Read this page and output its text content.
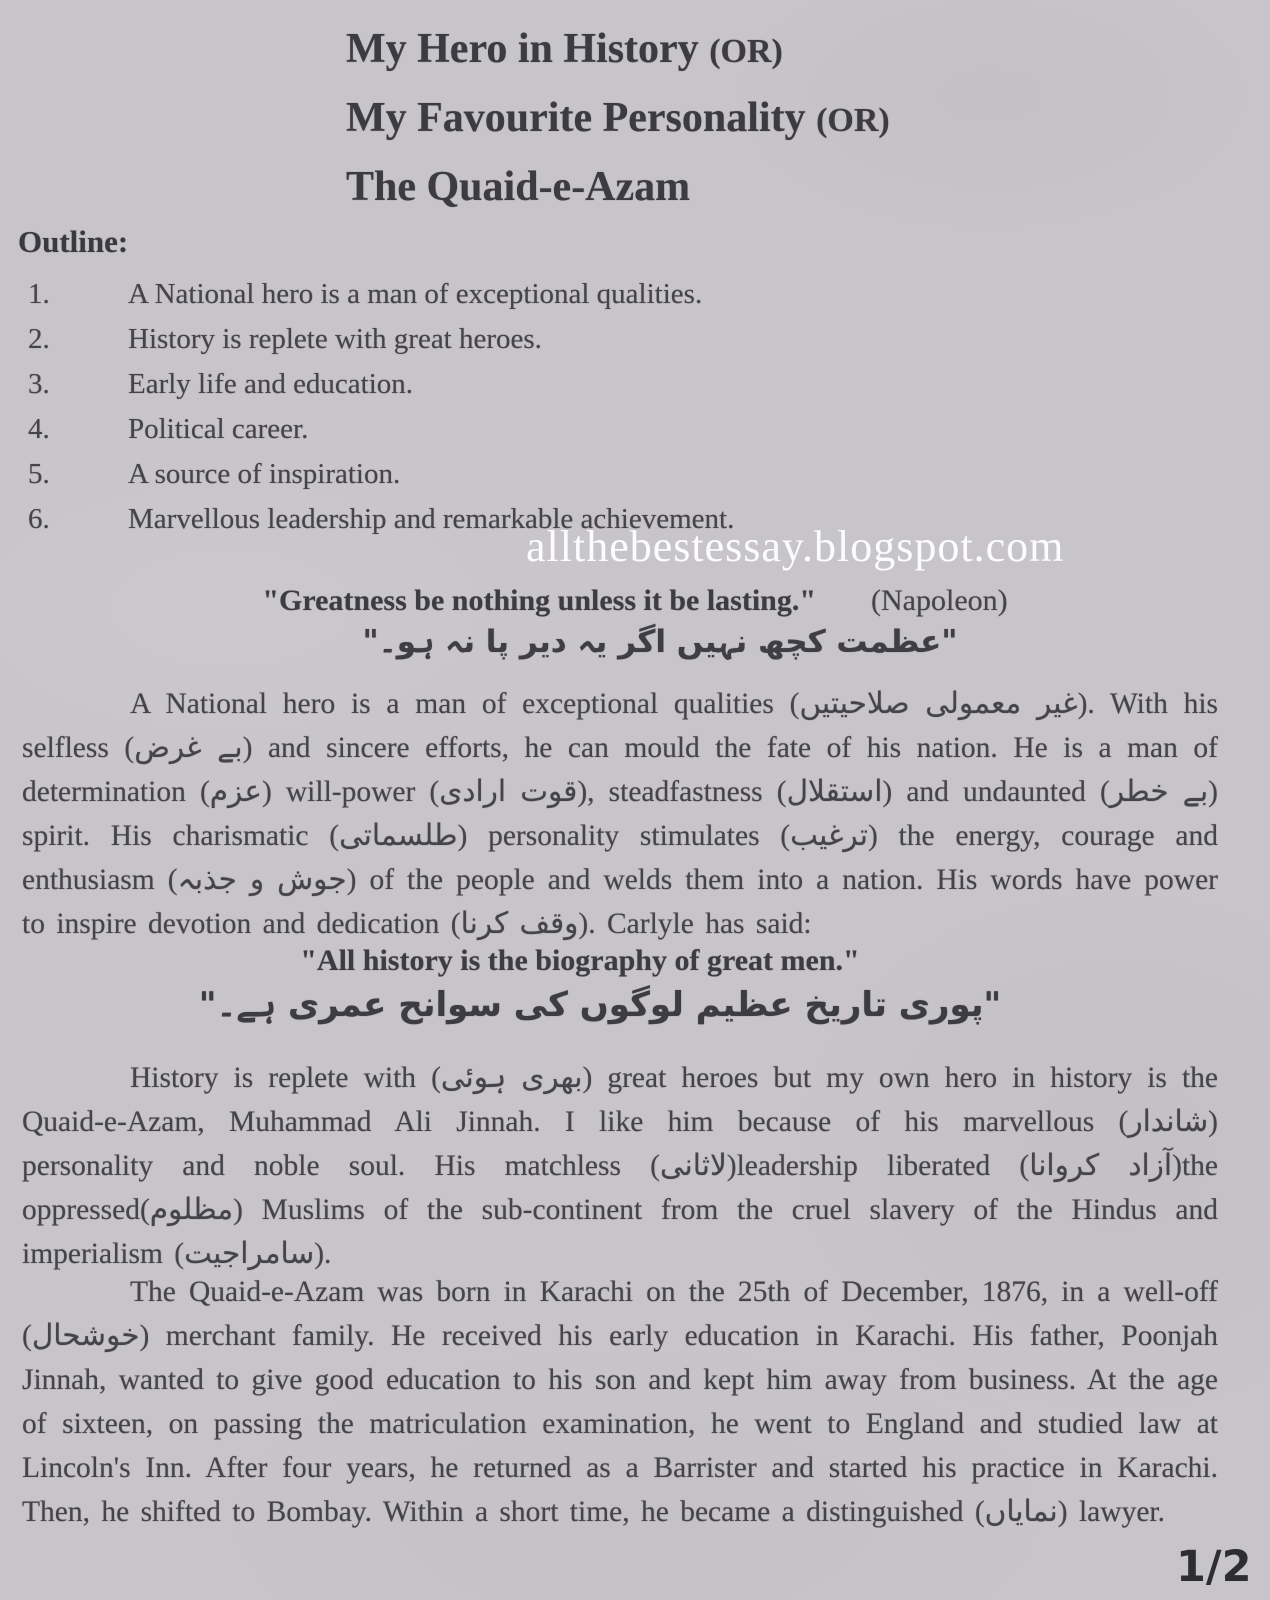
My Hero in History (OR)
My Favourite Personality (OR)
The Quaid-e-Azam
Outline:
1.	A National hero is a man of exceptional qualities.
2.	History is replete with great heroes.
3.	Early life and education.
4.	Political career.
5.	A source of inspiration.
6.	Marvellous leadership and remarkable achievement.
allthebestessay.blogspot.com
"Greatness be nothing unless it be lasting." (Napoleon)
"عظمت کچھ نہیں اگر یہ دیر پا نہ ہو۔"
A National hero is a man of exceptional qualities (غیر معمولی صلاحیتیں). With his selfless (بے غرض) and sincere efforts, he can mould the fate of his nation. He is a man of determination (عزم) will-power (قوت ارادی), steadfastness (استقلال) and undaunted (بے خطر) spirit. His charismatic (طلسماتی) personality stimulates (ترغیب) the energy, courage and enthusiasm (جوش و جذبہ) of the people and welds them into a nation. His words have power to inspire devotion and dedication (وقف کرنا). Carlyle has said:
"All history is the biography of great men."
"پوری تاریخ عظیم لوگوں کی سوانح عمری ہے۔"
History is replete with (بھری ہوئی) great heroes but my own hero in history is the Quaid-e-Azam, Muhammad Ali Jinnah. I like him because of his marvellous (شاندار) personality and noble soul. His matchless (لاثانی)leadership liberated (آزاد کروانا)the oppressed(مظلوم) Muslims of the sub-continent from the cruel slavery of the Hindus and imperialism (سامراجیت).
The Quaid-e-Azam was born in Karachi on the 25th of December, 1876, in a well-off (خوشحال) merchant family. He received his early education in Karachi. His father, Poonjah Jinnah, wanted to give good education to his son and kept him away from business. At the age of sixteen, on passing the matriculation examination, he went to England and studied law at Lincoln's Inn. After four years, he returned as a Barrister and started his practice in Karachi. Then, he shifted to Bombay. Within a short time, he became a distinguished (نمایاں) lawyer.
1/2
